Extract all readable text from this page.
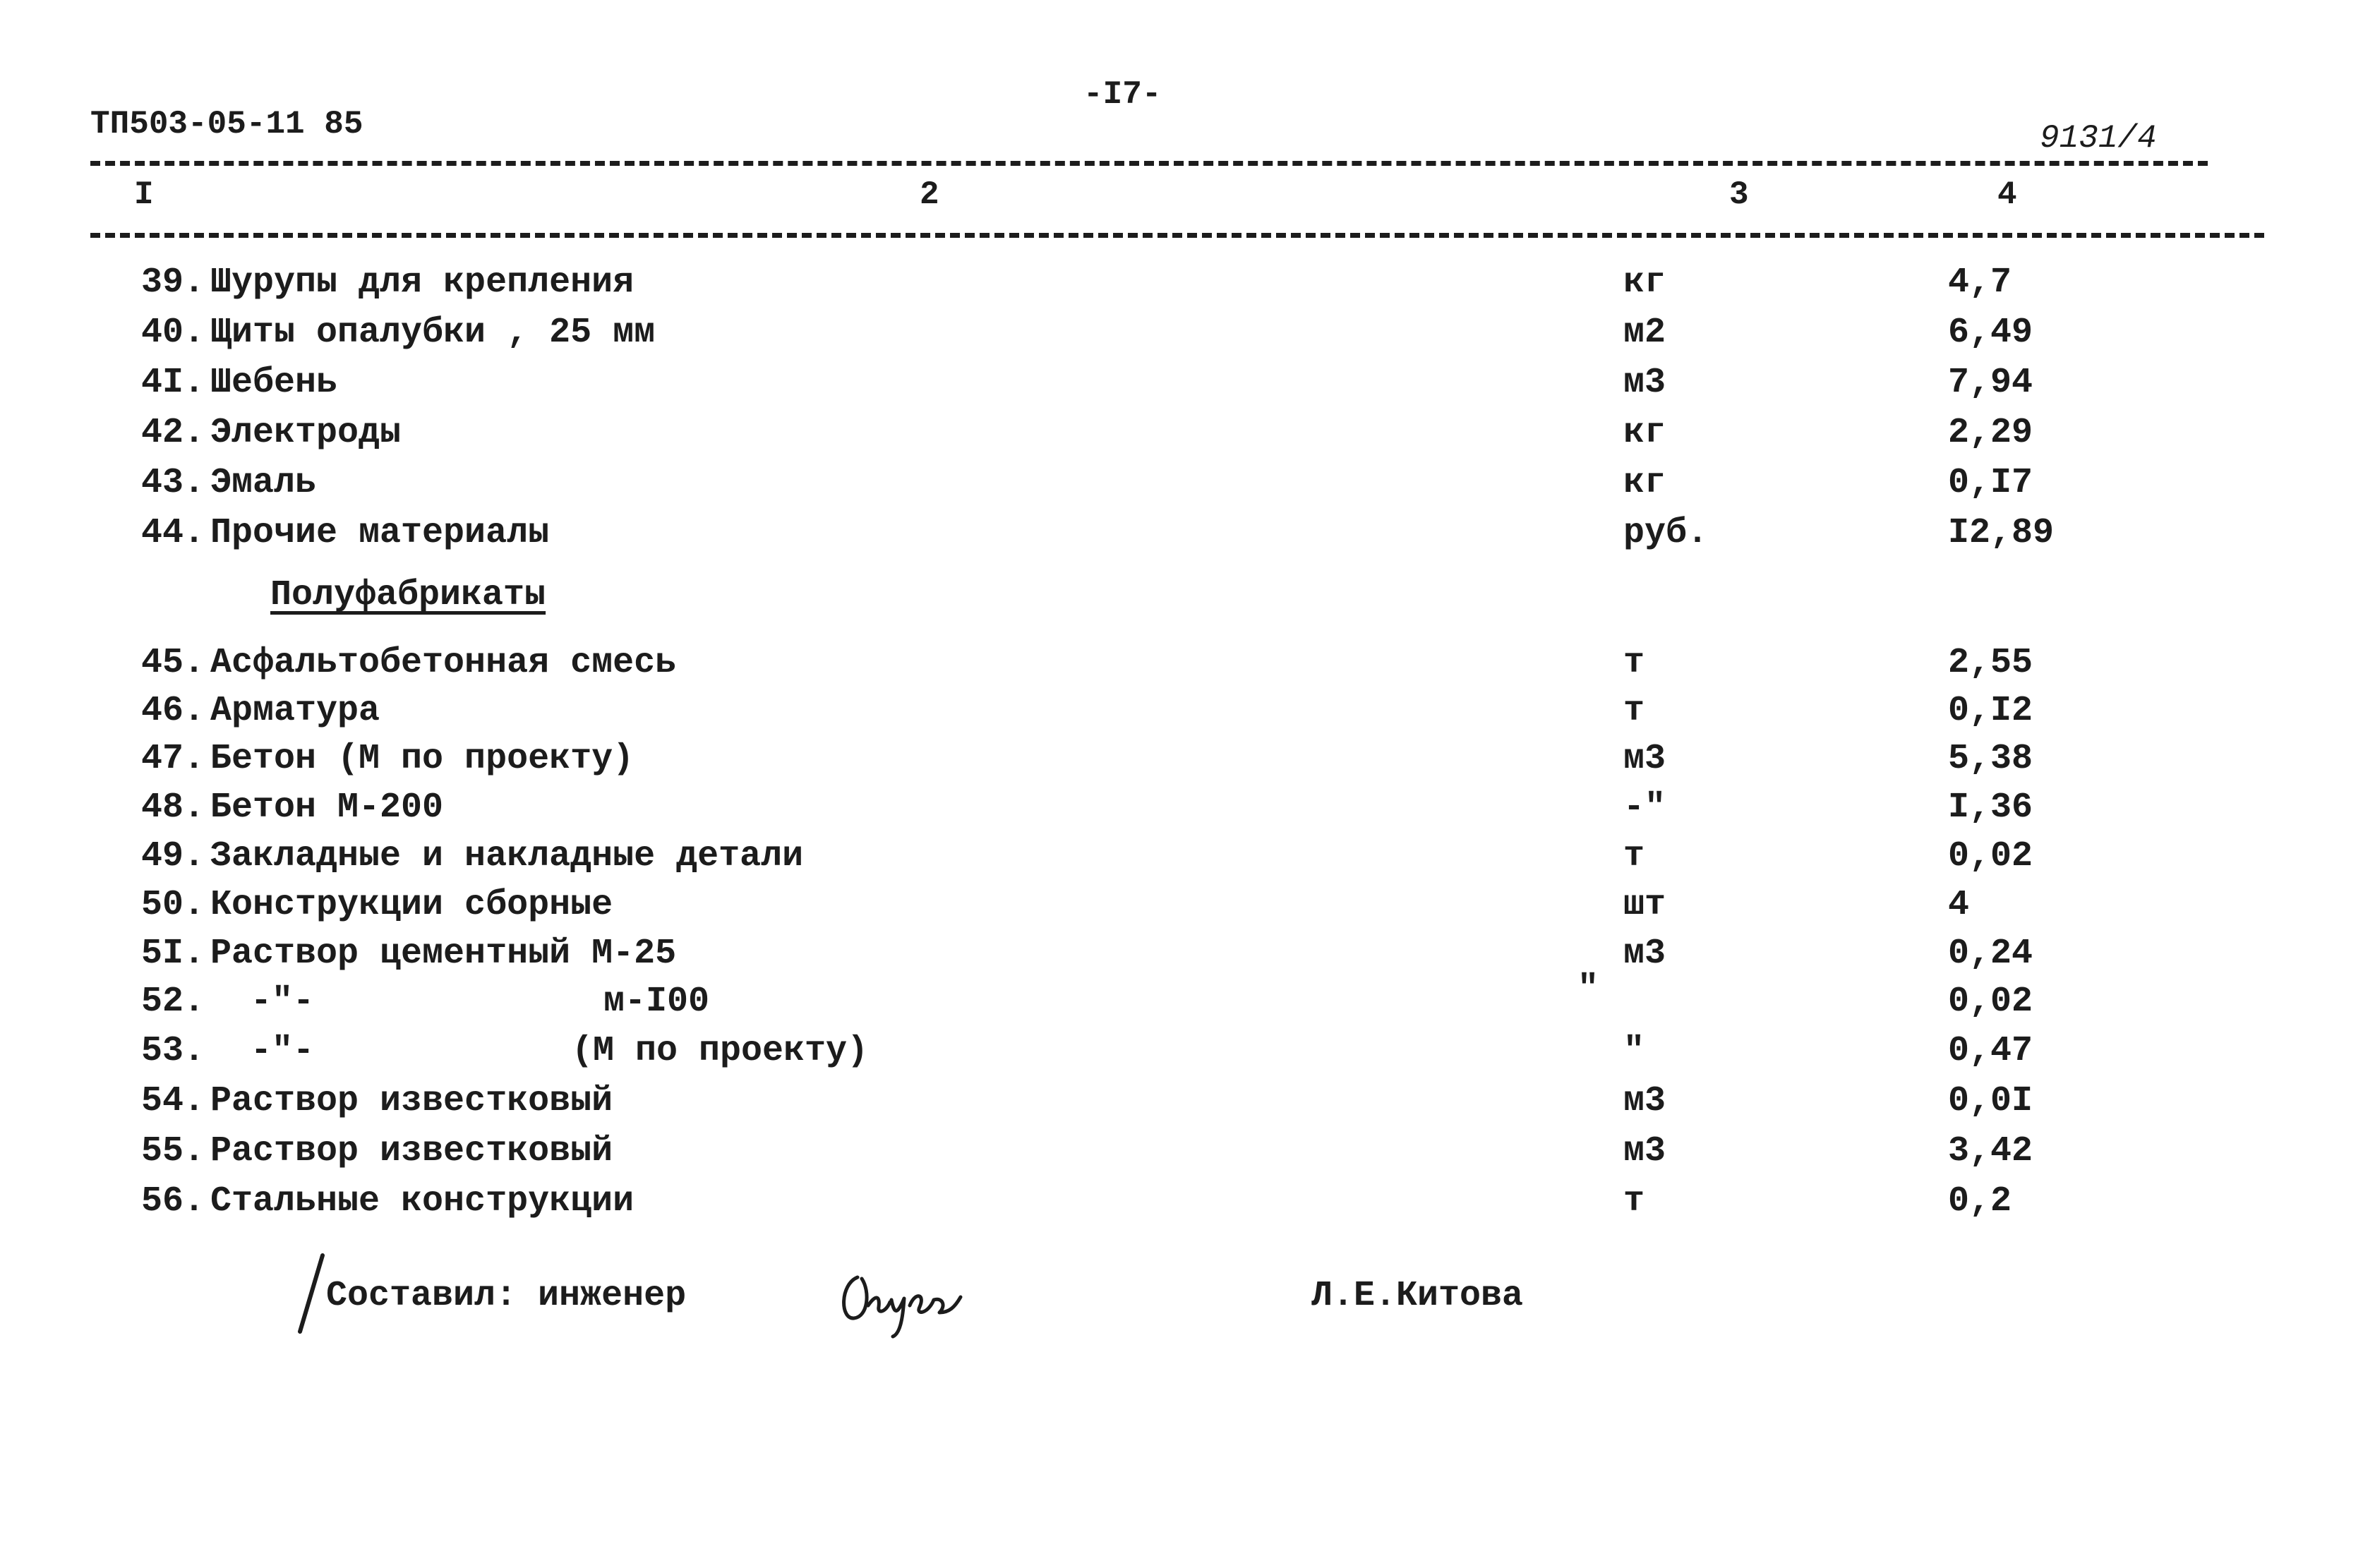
ТП503-05-11 85
-I7-
9131/4
I	2	3	4
39. Шурупы для крепления	кг	4,7
40. Щиты опалубки , 25 мм	м2	6,49
4I. Шебень	м3	7,94
42. Электроды	кг	2,29
43. Эмаль	кг	0,I7
44. Прочие материалы	руб.	I2,89
Полуфабрикаты
45. Асфальтобетонная смесь	т	2,55
46. Арматура	т	0,I2
47. Бетон (М по проекту)	м3	5,38
48. Бетон М-200	-"	I,36
49. Закладные и накладные детали	т	0,02
50. Конструкции сборные	шт	4
5I. Раствор цементный М-25	м3	0,24
52. -"-	м-I00	"	0,02
53. -"-	(М по проекту)	"	0,47
54. Раствор известковый	м3	0,0I
55. Раствор известковый	м3	3,42
56. Стальные конструкции	т	0,2
Составил: инженер

	Л.Е.Китова
